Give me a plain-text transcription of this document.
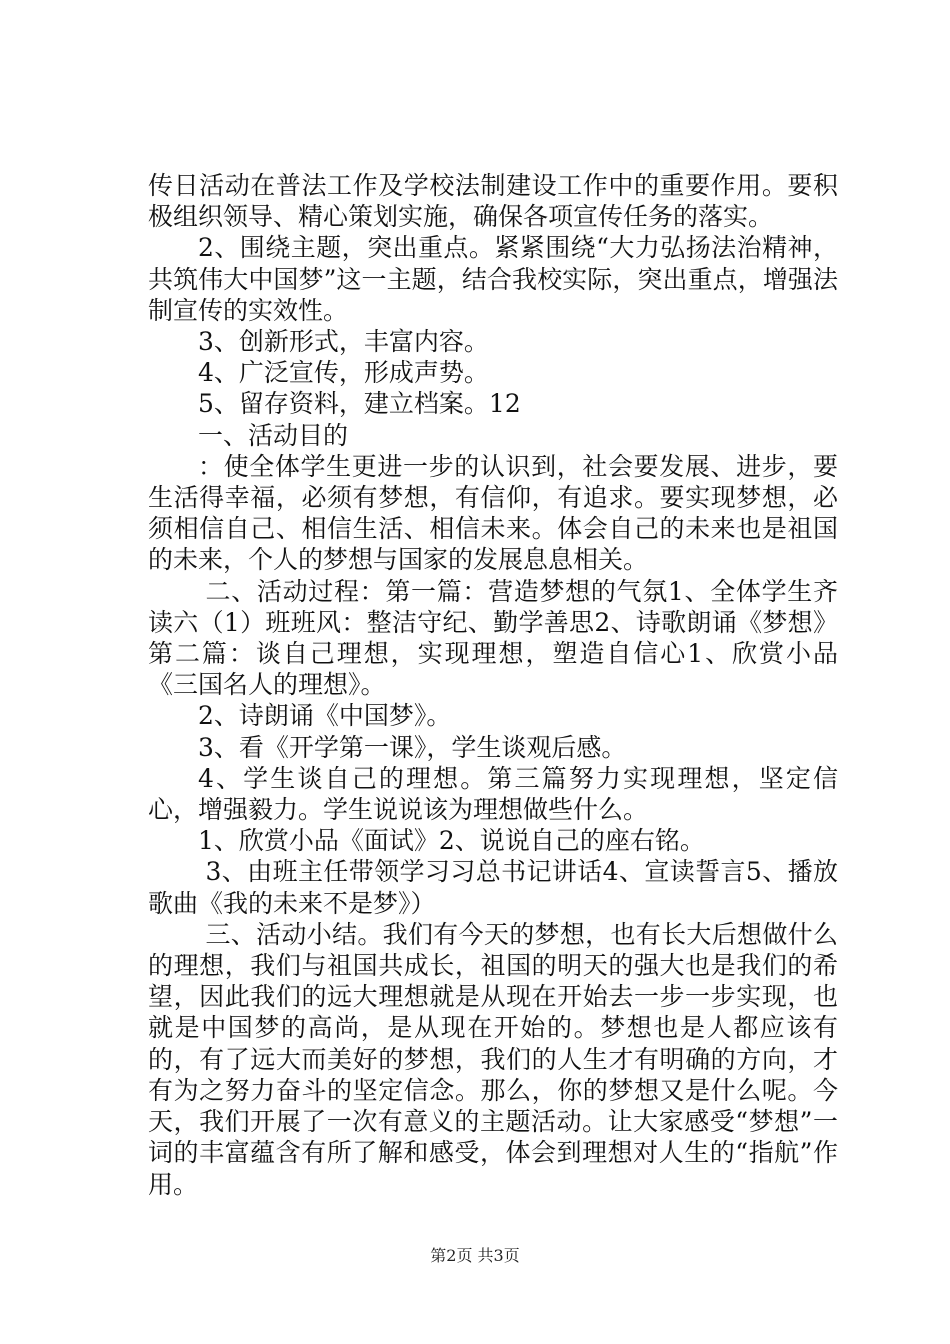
传日活动在普法工作及学校法制建设工作中的重要作用。要积极组织领导、精心策划实施，确保各项宣传任务的落实。

2、围绕主题，突出重点。紧紧围绕“大力弘扬法治精神，共筑伟大中国梦”这一主题，结合我校实际，突出重点，增强法制宣传的实效性。

3、创新形式，丰富内容。

4、广泛宣传，形成声势。

5、留存资料，建立档案。12

一、活动目的

：使全体学生更进一步的认识到，社会要发展、进步，要生活得幸福，必须有梦想，有信仰，有追求。要实现梦想，必须相信自己、相信生活、相信未来。体会自己的未来也是祖国的未来，个人的梦想与国家的发展息息相关。

二、活动过程：第一篇：营造梦想的气氛1、全体学生齐读六（1）班班风：整洁守纪、勤学善思2、诗歌朗诵《梦想》第二篇：谈自己理想，实现理想，塑造自信心1、欣赏小品《三国名人的理想》。

2、诗朗诵《中国梦》。

3、看《开学第一课》，学生谈观后感。

4、学生谈自己的理想。第三篇努力实现理想，坚定信心，增强毅力。学生说说该为理想做些什么。

1、欣赏小品《面试》2、说说自己的座右铭。

3、由班主任带领学习习总书记讲话4、宣读誓言5、播放歌曲《我的未来不是梦》）

三、活动小结。我们有今天的梦想，也有长大后想做什么的理想，我们与祖国共成长，祖国的明天的强大也是我们的希望，因此我们的远大理想就是从现在开始去一步一步实现，也就是中国梦的高尚，是从现在开始的。梦想也是人都应该有的，有了远大而美好的梦想，我们的人生才有明确的方向，才有为之努力奋斗的坚定信念。那么，你的梦想又是什么呢。今天，我们开展了一次有意义的主题活动。让大家感受“梦想”一词的丰富蕴含有所了解和感受，体会到理想对人生的“指航”作用。

第2页 共3页
